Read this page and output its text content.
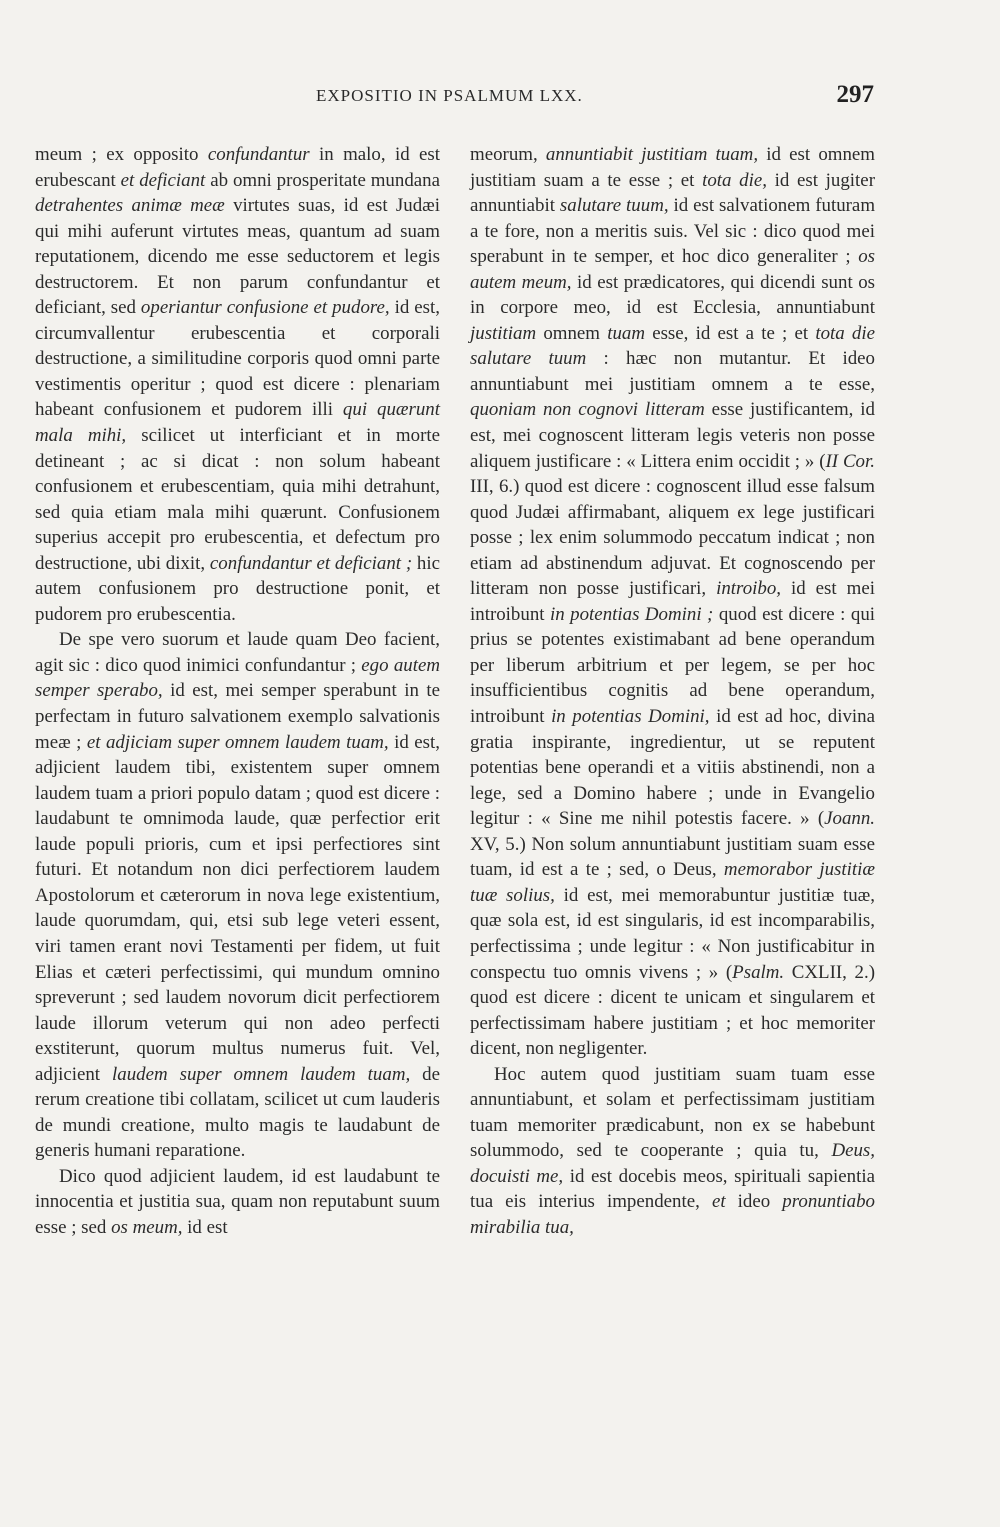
EXPOSITIO IN PSALMUM LXX.	297

meum ; ex opposito confundantur in malo, id est erubescant et deficiant ab omni prosperitate mundana detrahentes animæ meæ virtutes suas, id est Judæi qui mihi auferunt virtutes meas, quantum ad suam reputationem, dicendo me esse seductorem et legis destructorem. Et non parum confundantur et deficiant, sed operiantur confusione et pudore, id est, circumvallentur erubescentia et corporali destructione, a similitudine corporis quod omni parte vestimentis operitur ; quod est dicere : plenariam habeant confusionem et pudorem illi qui quærunt mala mihi, scilicet ut interficiant et in morte detineant ; ac si dicat : non solum habeant confusionem et erubescentiam, quia mihi detrahunt, sed quia etiam mala mihi quærunt. Confusionem superius accepit pro erubescentia, et defectum pro destructione, ubi dixit, confundantur et deficiant ; hic autem confusionem pro destructione ponit, et pudorem pro erubescentia.

De spe vero suorum et laude quam Deo facient, agit sic : dico quod inimici confundantur ; ego autem semper sperabo, id est, mei semper sperabunt in te perfectam in futuro salvationem exemplo salvationis meæ ; et adjiciam super omnem laudem tuam, id est, adjicient laudem tibi, existentem super omnem laudem tuam a priori populo datam ; quod est dicere : laudabunt te omnimoda laude, quæ perfectior erit laude populi prioris, cum et ipsi perfectiores sint futuri. Et notandum non dici perfectiorem laudem Apostolorum et cæterorum in nova lege existentium, laude quorumdam, qui, etsi sub lege veteri essent, viri tamen erant novi Testamenti per fidem, ut fuit Elias et cæteri perfectissimi, qui mundum omnino spreverunt ; sed laudem novorum dicit perfectiorem laude illorum veterum qui non adeo perfecti exstiterunt, quorum multus numerus fuit. Vel, adjicient laudem super omnem laudem tuam, de rerum creatione tibi collatam, scilicet ut cum lauderis de mundi creatione, multo magis te laudabunt de generis humani reparatione.

Dico quod adjicient laudem, id est laudabunt te innocentia et justitia sua, quam non reputabunt suum esse ; sed os meum, id est

meorum, annuntiabit justitiam tuam, id est omnem justitiam suam a te esse ; et tota die, id est jugiter annuntiabit salutare tuum, id est salvationem futuram a te fore, non a meritis suis. Vel sic : dico quod mei sperabunt in te semper, et hoc dico generaliter ; os autem meum, id est prædicatores, qui dicendi sunt os in corpore meo, id est Ecclesia, annuntiabunt justitiam omnem tuam esse, id est a te ; et tota die salutare tuum : hæc non mutantur. Et ideo annuntiabunt mei justitiam omnem a te esse, quoniam non cognovi litteram esse justificantem, id est, mei cognoscent litteram legis veteris non posse aliquem justificare : « Littera enim occidit ; » (II Cor. III, 6.) quod est dicere : cognoscent illud esse falsum quod Judæi affirmabant, aliquem ex lege justificari posse ; lex enim solummodo peccatum indicat ; non etiam ad abstinendum adjuvat. Et cognoscendo per litteram non posse justificari, introibo, id est mei introibunt in potentias Domini ; quod est dicere : qui prius se potentes existimabant ad bene operandum per liberum arbitrium et per legem, se per hoc insufficientibus cognitis ad bene operandum, introibunt in potentias Domini, id est ad hoc, divina gratia inspirante, ingredientur, ut se reputent potentias bene operandi et a vitiis abstinendi, non a lege, sed a Domino habere ; unde in Evangelio legitur : « Sine me nihil potestis facere. » (Joann. XV, 5.) Non solum annuntiabunt justitiam suam esse tuam, id est a te ; sed, o Deus, memorabor justitiæ tuæ solius, id est, mei memorabuntur justitiæ tuæ, quæ sola est, id est singularis, id est incomparabilis, perfectissima ; unde legitur : « Non justificabitur in conspectu tuo omnis vivens ; » (Psalm. CXLII, 2.) quod est dicere : dicent te unicam et singularem et perfectissimam habere justitiam ; et hoc memoriter dicent, non negligenter.

Hoc autem quod justitiam suam tuam esse annuntiabunt, et solam et perfectissimam justitiam tuam memoriter prædicabunt, non ex se habebunt solummodo, sed te cooperante ; quia tu, Deus, docuisti me, id est docebis meos, spirituali sapientia tua eis interius impendente, et ideo pronuntiabo mirabilia tua,
